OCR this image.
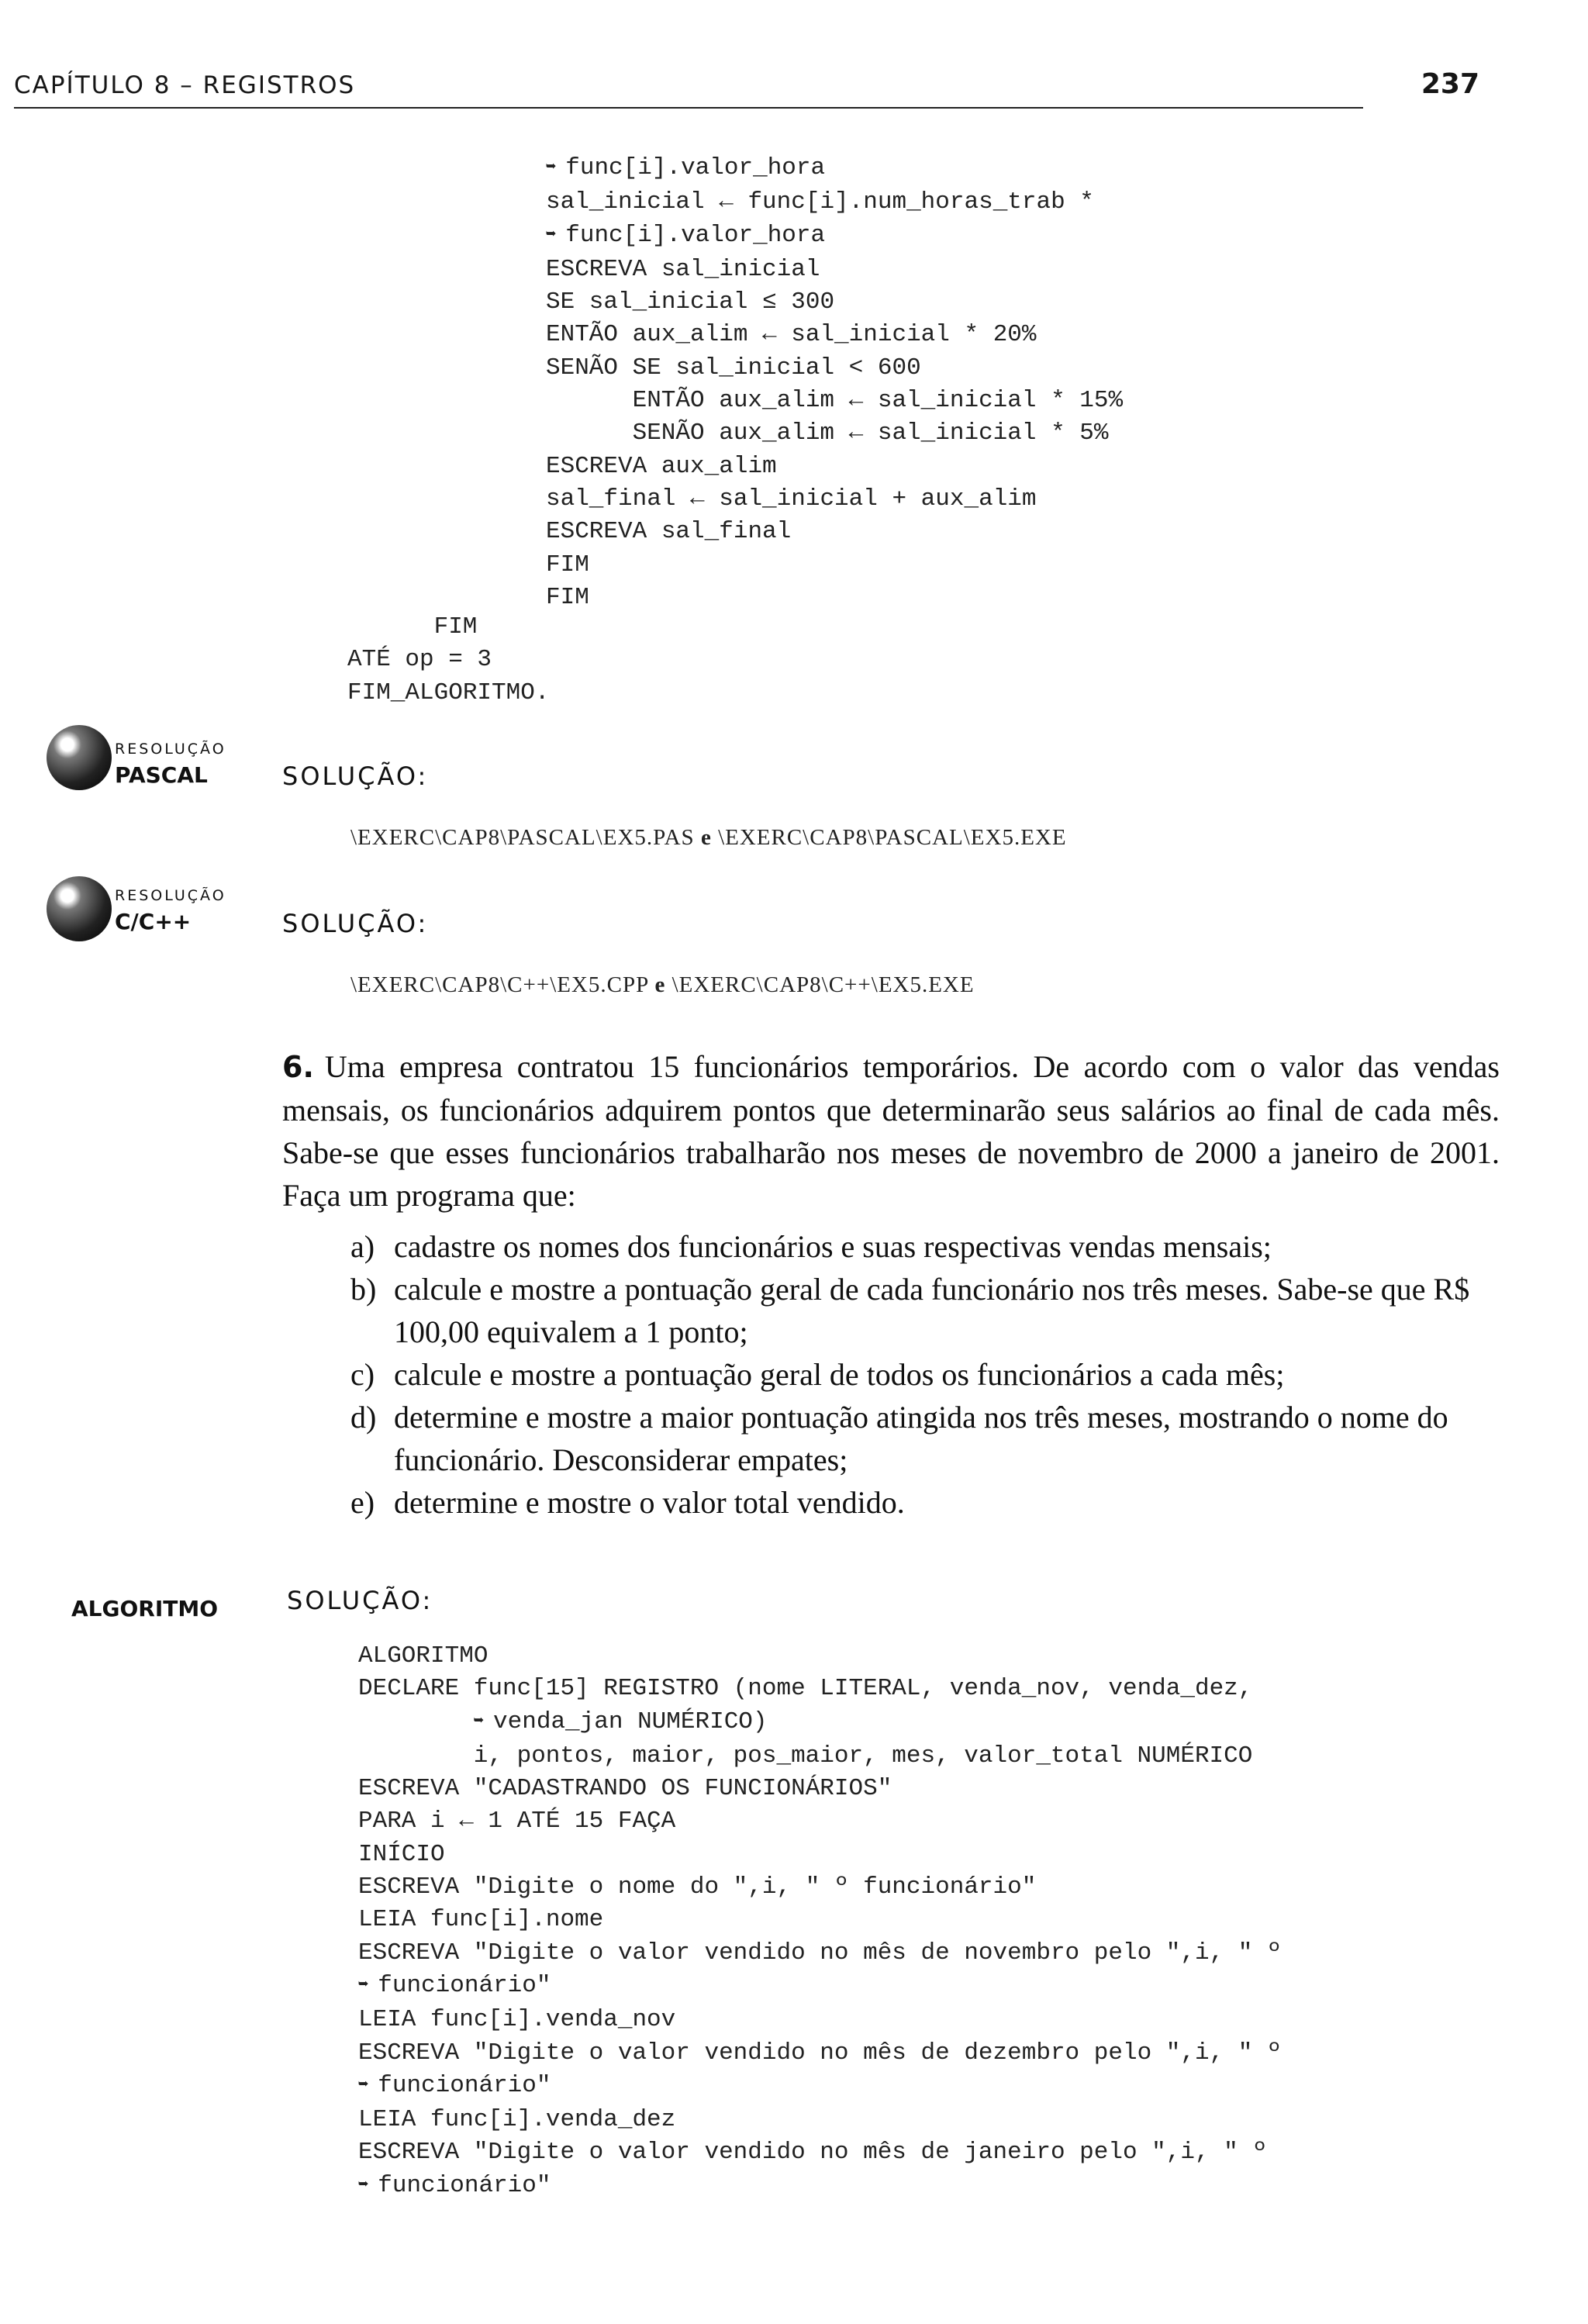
CAPÍTULO 8 – REGISTROS	237
➥ func[i].valor_hora
sal_inicial ← func[i].num_horas_trab *
➥ func[i].valor_hora
ESCREVA sal_inicial
SE sal_inicial ≤ 300
ENTÃO aux_alim ← sal_inicial * 20%
SENÃO SE sal_inicial < 600
ENTÃO aux_alim ← sal_inicial * 15%
SENÃO aux_alim ← sal_inicial * 5%
ESCREVA aux_alim
sal_final ← sal_inicial + aux_alim
ESCREVA sal_final
FIM
FIM
FIM
ATÉ op = 3
FIM_ALGORITMO.
RESOLUÇÃO
PASCAL	SOLUÇÃO:
\EXERC\CAP8\PASCAL\EX5.PAS e \EXERC\CAP8\PASCAL\EX5.EXE
RESOLUÇÃO
C/C++	SOLUÇÃO:
\EXERC\CAP8\C++\EX5.CPP e \EXERC\CAP8\C++\EX5.EXE
6. Uma empresa contratou 15 funcionários temporários. De acordo com o valor das vendas mensais, os funcionários adquirem pontos que determinarão seus salários ao final de cada mês. Sabe-se que esses funcionários trabalharão nos meses de novembro de 2000 a janeiro de 2001. Faça um programa que:
a) cadastre os nomes dos funcionários e suas respectivas vendas mensais;
b) calcule e mostre a pontuação geral de cada funcionário nos três meses. Sabe-se que R$ 100,00 equivalem a 1 ponto;
c) calcule e mostre a pontuação geral de todos os funcionários a cada mês;
d) determine e mostre a maior pontuação atingida nos três meses, mostrando o nome do funcionário. Desconsiderar empates;
e) determine e mostre o valor total vendido.
ALGORITMO	SOLUÇÃO:
ALGORITMO
DECLARE func[15] REGISTRO (nome LITERAL, venda_nov, venda_dez,
➥ venda_jan NUMÉRICO)
i, pontos, maior, pos_maior, mes, valor_total NUMÉRICO
ESCREVA "CADASTRANDO OS FUNCIONÁRIOS"
PARA i ← 1 ATÉ 15 FAÇA
INÍCIO
ESCREVA "Digite o nome do ",i, " º funcionário"
LEIA func[i].nome
ESCREVA "Digite o valor vendido no mês de novembro pelo ",i, " º
➥ funcionário"
LEIA func[i].venda_nov
ESCREVA "Digite o valor vendido no mês de dezembro pelo ",i, " º
➥ funcionário"
LEIA func[i].venda_dez
ESCREVA "Digite o valor vendido no mês de janeiro pelo ",i, " º
➥ funcionário"
